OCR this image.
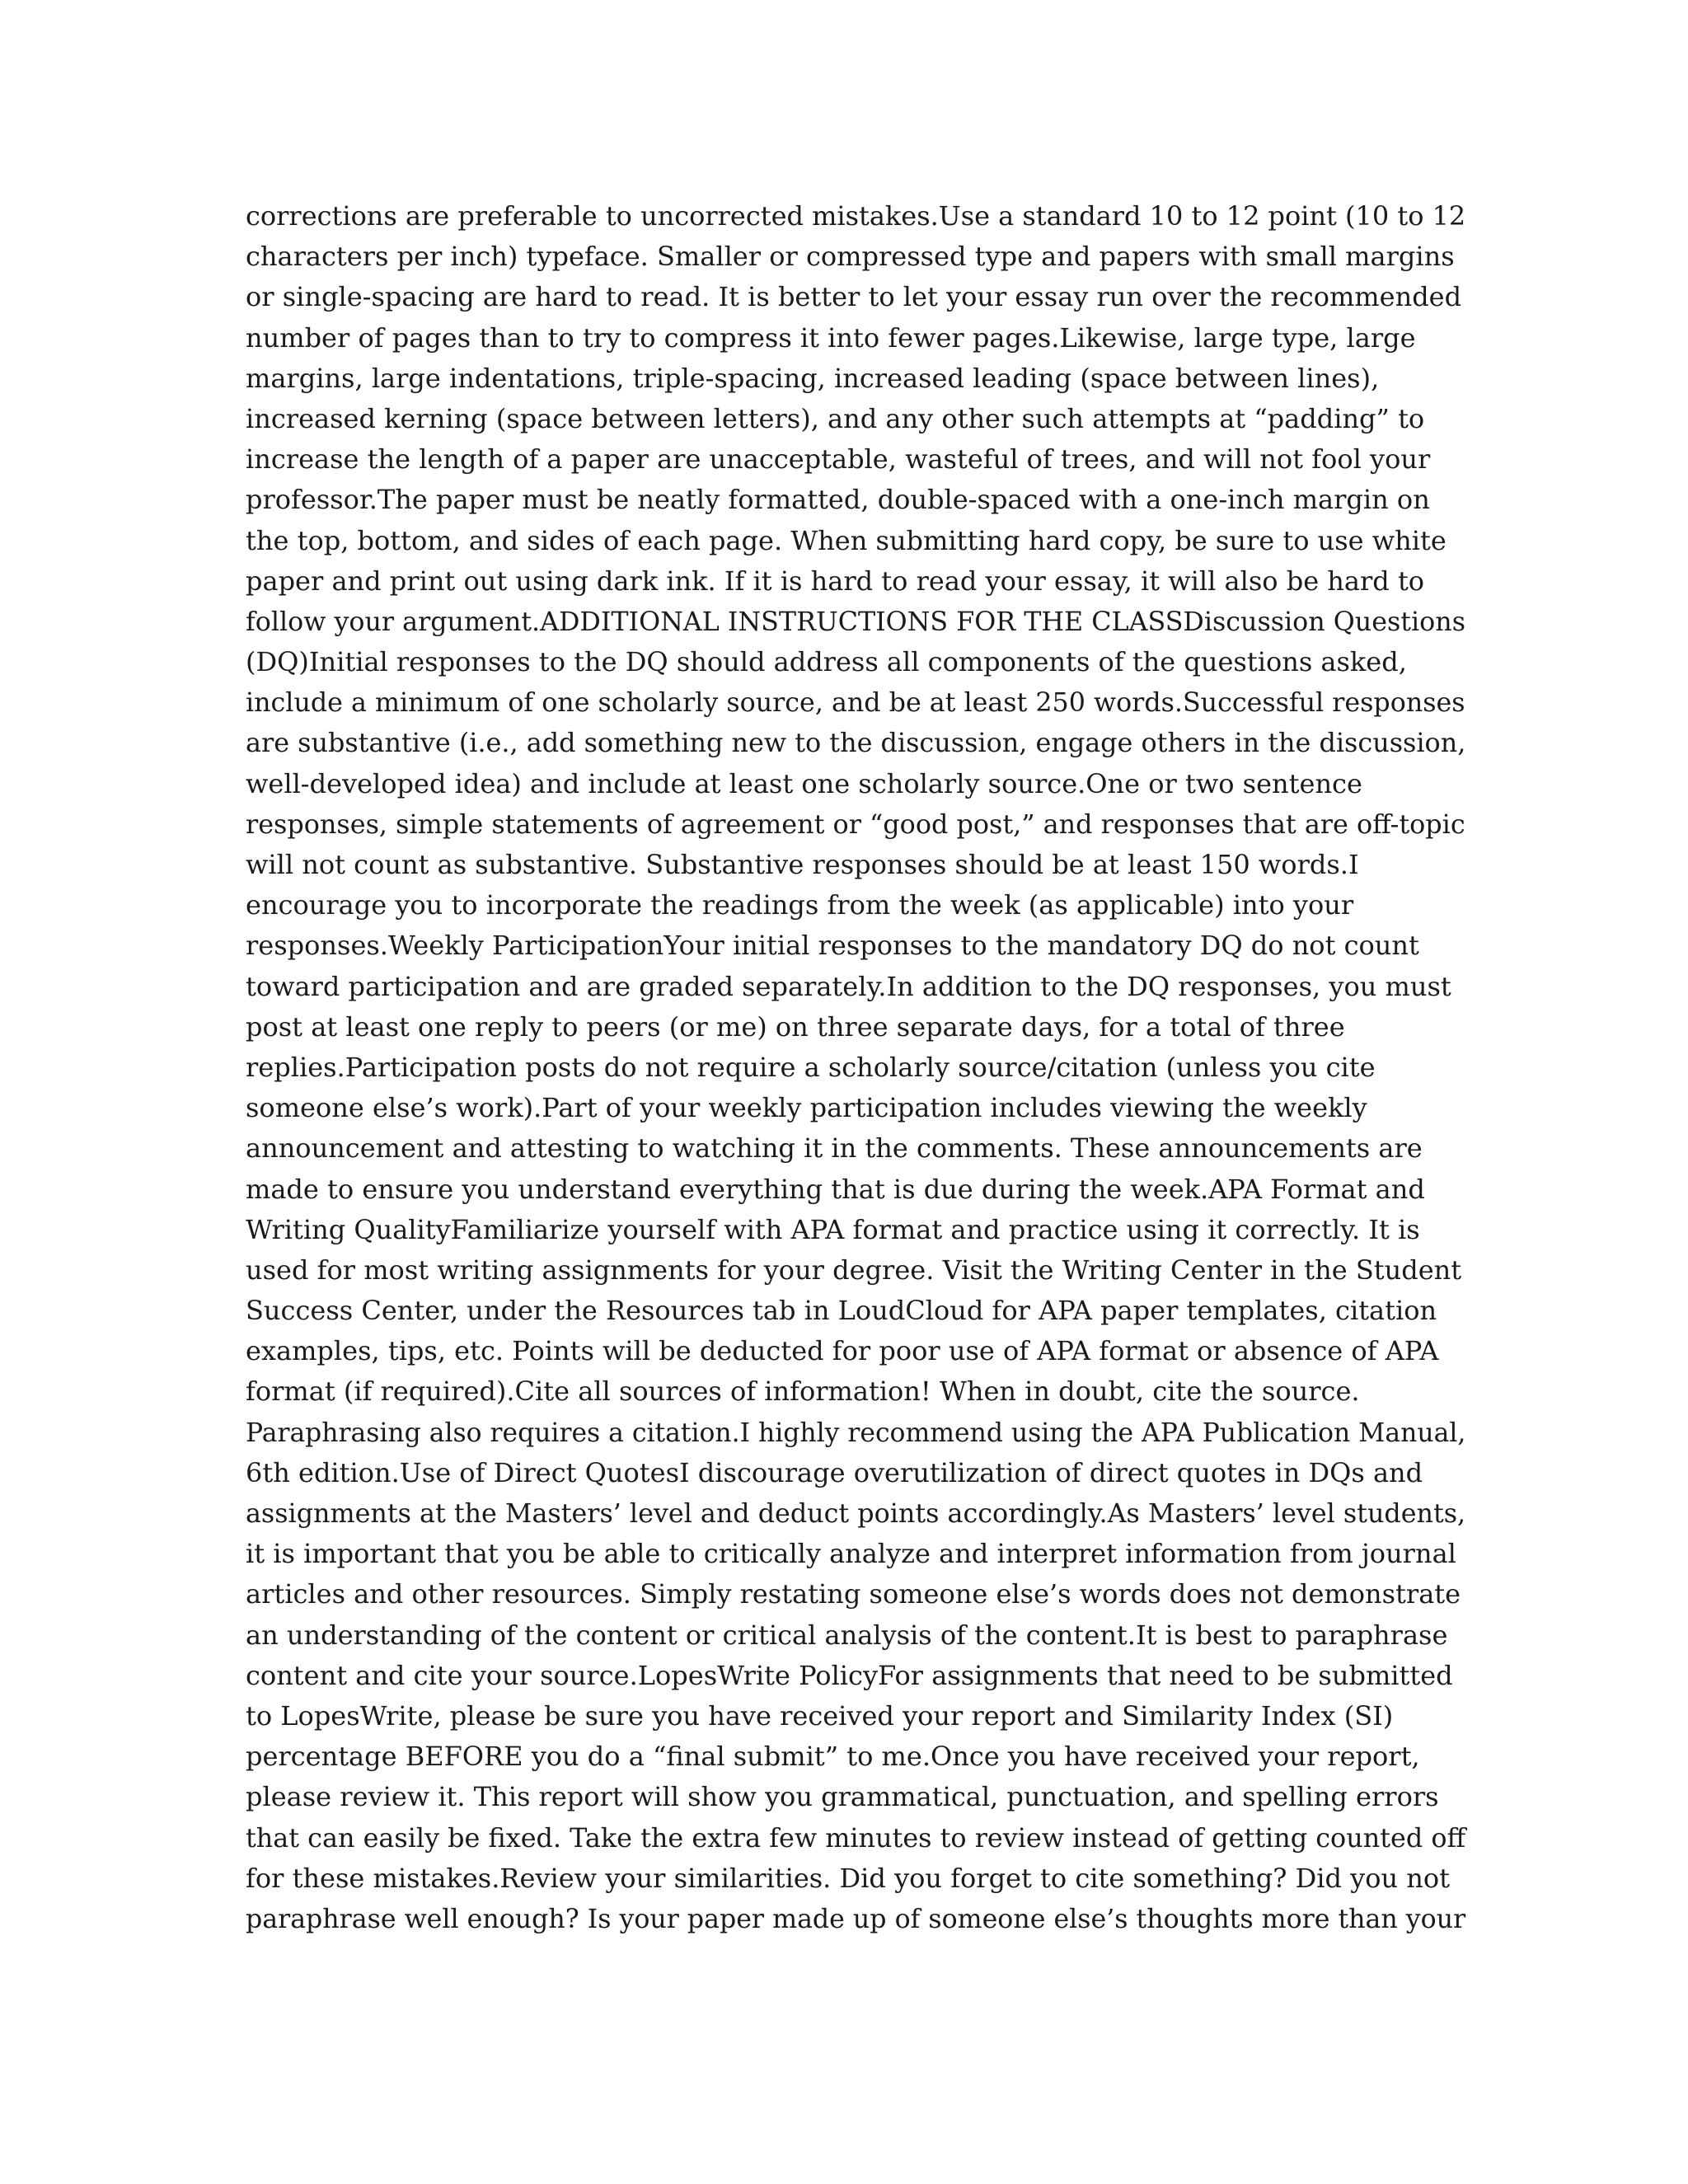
corrections are preferable to uncorrected mistakes.Use a standard 10 to 12 point (10 to 12
characters per inch) typeface. Smaller or compressed type and papers with small margins
or single-spacing are hard to read. It is better to let your essay run over the recommended
number of pages than to try to compress it into fewer pages.Likewise, large type, large
margins, large indentations, triple-spacing, increased leading (space between lines),
increased kerning (space between letters), and any other such attempts at “padding” to
increase the length of a paper are unacceptable, wasteful of trees, and will not fool your
professor.The paper must be neatly formatted, double-spaced with a one-inch margin on
the top, bottom, and sides of each page. When submitting hard copy, be sure to use white
paper and print out using dark ink. If it is hard to read your essay, it will also be hard to
follow your argument.ADDITIONAL INSTRUCTIONS FOR THE CLASSDiscussion Questions
(DQ)Initial responses to the DQ should address all components of the questions asked,
include a minimum of one scholarly source, and be at least 250 words.Successful responses
are substantive (i.e., add something new to the discussion, engage others in the discussion,
well-developed idea) and include at least one scholarly source.One or two sentence
responses, simple statements of agreement or “good post,” and responses that are off-topic
will not count as substantive. Substantive responses should be at least 150 words.I
encourage you to incorporate the readings from the week (as applicable) into your
responses.Weekly ParticipationYour initial responses to the mandatory DQ do not count
toward participation and are graded separately.In addition to the DQ responses, you must
post at least one reply to peers (or me) on three separate days, for a total of three
replies.Participation posts do not require a scholarly source/citation (unless you cite
someone else’s work).Part of your weekly participation includes viewing the weekly
announcement and attesting to watching it in the comments. These announcements are
made to ensure you understand everything that is due during the week.APA Format and
Writing QualityFamiliarize yourself with APA format and practice using it correctly. It is
used for most writing assignments for your degree. Visit the Writing Center in the Student
Success Center, under the Resources tab in LoudCloud for APA paper templates, citation
examples, tips, etc. Points will be deducted for poor use of APA format or absence of APA
format (if required).Cite all sources of information! When in doubt, cite the source.
Paraphrasing also requires a citation.I highly recommend using the APA Publication Manual,
6th edition.Use of Direct QuotesI discourage overutilization of direct quotes in DQs and
assignments at the Masters’ level and deduct points accordingly.As Masters’ level students,
it is important that you be able to critically analyze and interpret information from journal
articles and other resources. Simply restating someone else’s words does not demonstrate
an understanding of the content or critical analysis of the content.It is best to paraphrase
content and cite your source.LopesWrite PolicyFor assignments that need to be submitted
to LopesWrite, please be sure you have received your report and Similarity Index (SI)
percentage BEFORE you do a “final submit” to me.Once you have received your report,
please review it. This report will show you grammatical, punctuation, and spelling errors
that can easily be fixed. Take the extra few minutes to review instead of getting counted off
for these mistakes.Review your similarities. Did you forget to cite something? Did you not
paraphrase well enough? Is your paper made up of someone else’s thoughts more than your
